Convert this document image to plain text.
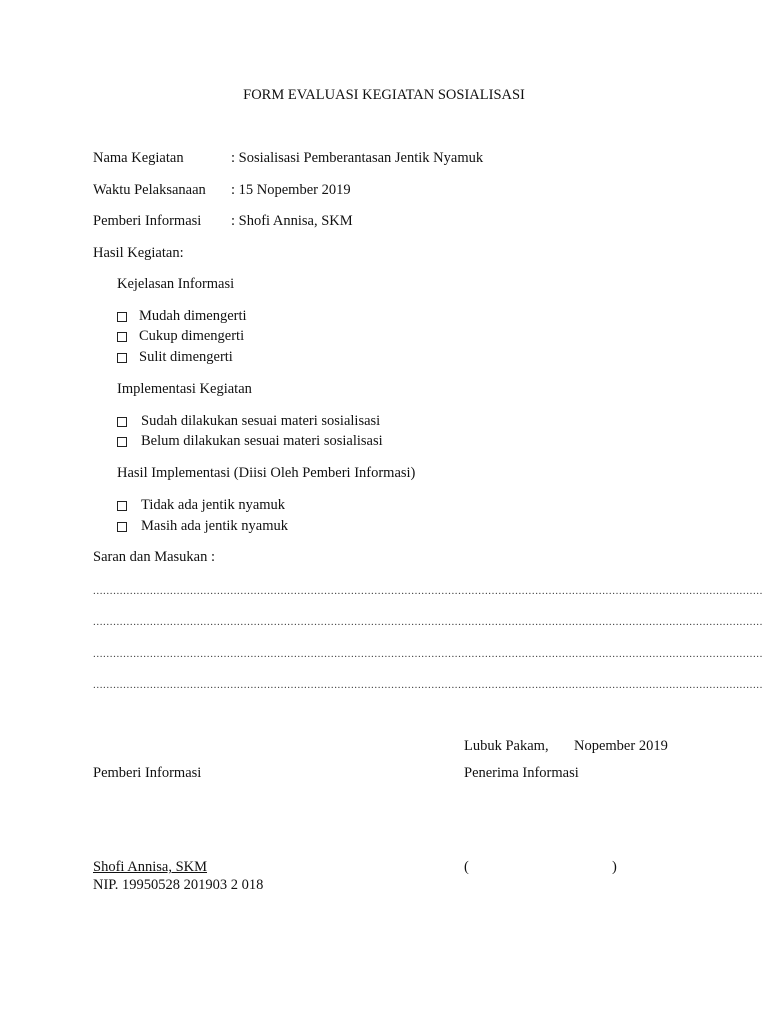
FORM EVALUASI KEGIATAN SOSIALISASI
Nama Kegiatan	: Sosialisasi Pemberantasan Jentik Nyamuk
Waktu Pelaksanaan : 15 Nopember 2019
Pemberi Informasi : Shofi Annisa, SKM
Hasil Kegiatan:
Kejelasan Informasi
Mudah dimengerti
Cukup dimengerti
Sulit dimengerti
Implementasi Kegiatan
Sudah dilakukan sesuai materi sosialisasi
Belum dilakukan sesuai materi sosialisasi
Hasil Implementasi (Diisi Oleh Pemberi Informasi)
Tidak ada jentik nyamuk
Masih ada jentik nyamuk
Saran dan Masukan :
........................................................................................................................................................................................................
........................................................................................................................................................................................................
........................................................................................................................................................................................................
........................................................................................................................................................................................................
Lubuk Pakam, Nopember 2019
Pemberi Informasi	Penerima Informasi
Shofi Annisa, SKM
NIP. 19950528 201903 2 018
(	)
